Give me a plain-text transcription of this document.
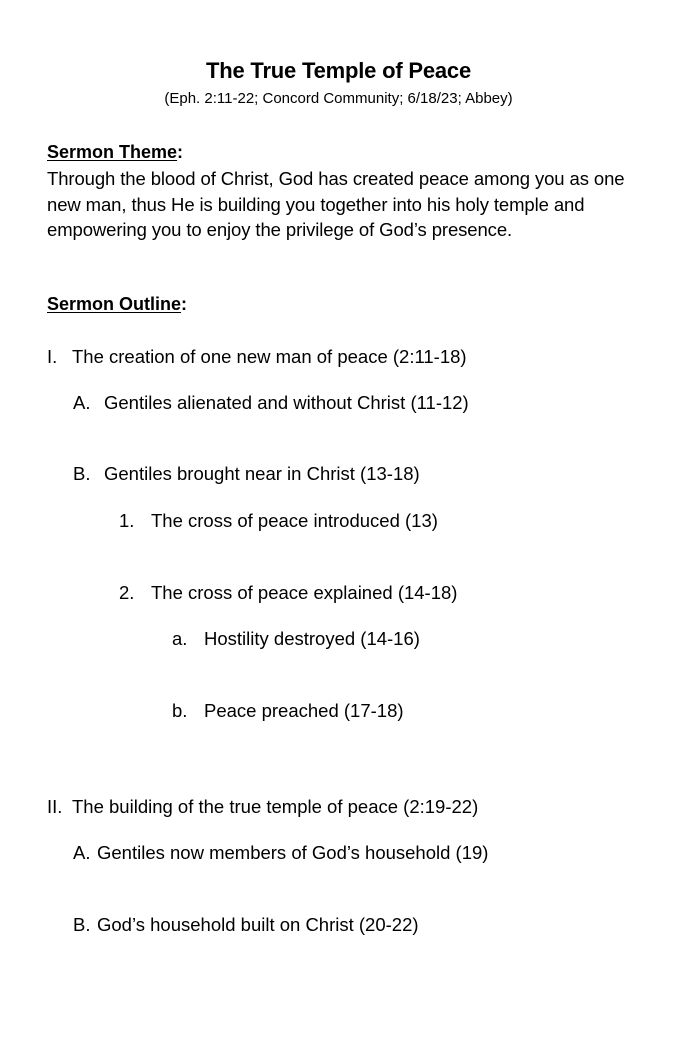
The True Temple of Peace
(Eph. 2:11-22; Concord Community; 6/18/23; Abbey)
Sermon Theme:
Through the blood of Christ, God has created peace among you as one new man, thus He is building you together into his holy temple and empowering you to enjoy the privilege of God’s presence.
Sermon Outline:
I. The creation of one new man of peace (2:11-18)
A. Gentiles alienated and without Christ (11-12)
B. Gentiles brought near in Christ (13-18)
1. The cross of peace introduced (13)
2. The cross of peace explained (14-18)
a. Hostility destroyed (14-16)
b. Peace preached (17-18)
II. The building of the true temple of peace (2:19-22)
A. Gentiles now members of God’s household (19)
B. God’s household built on Christ (20-22)
